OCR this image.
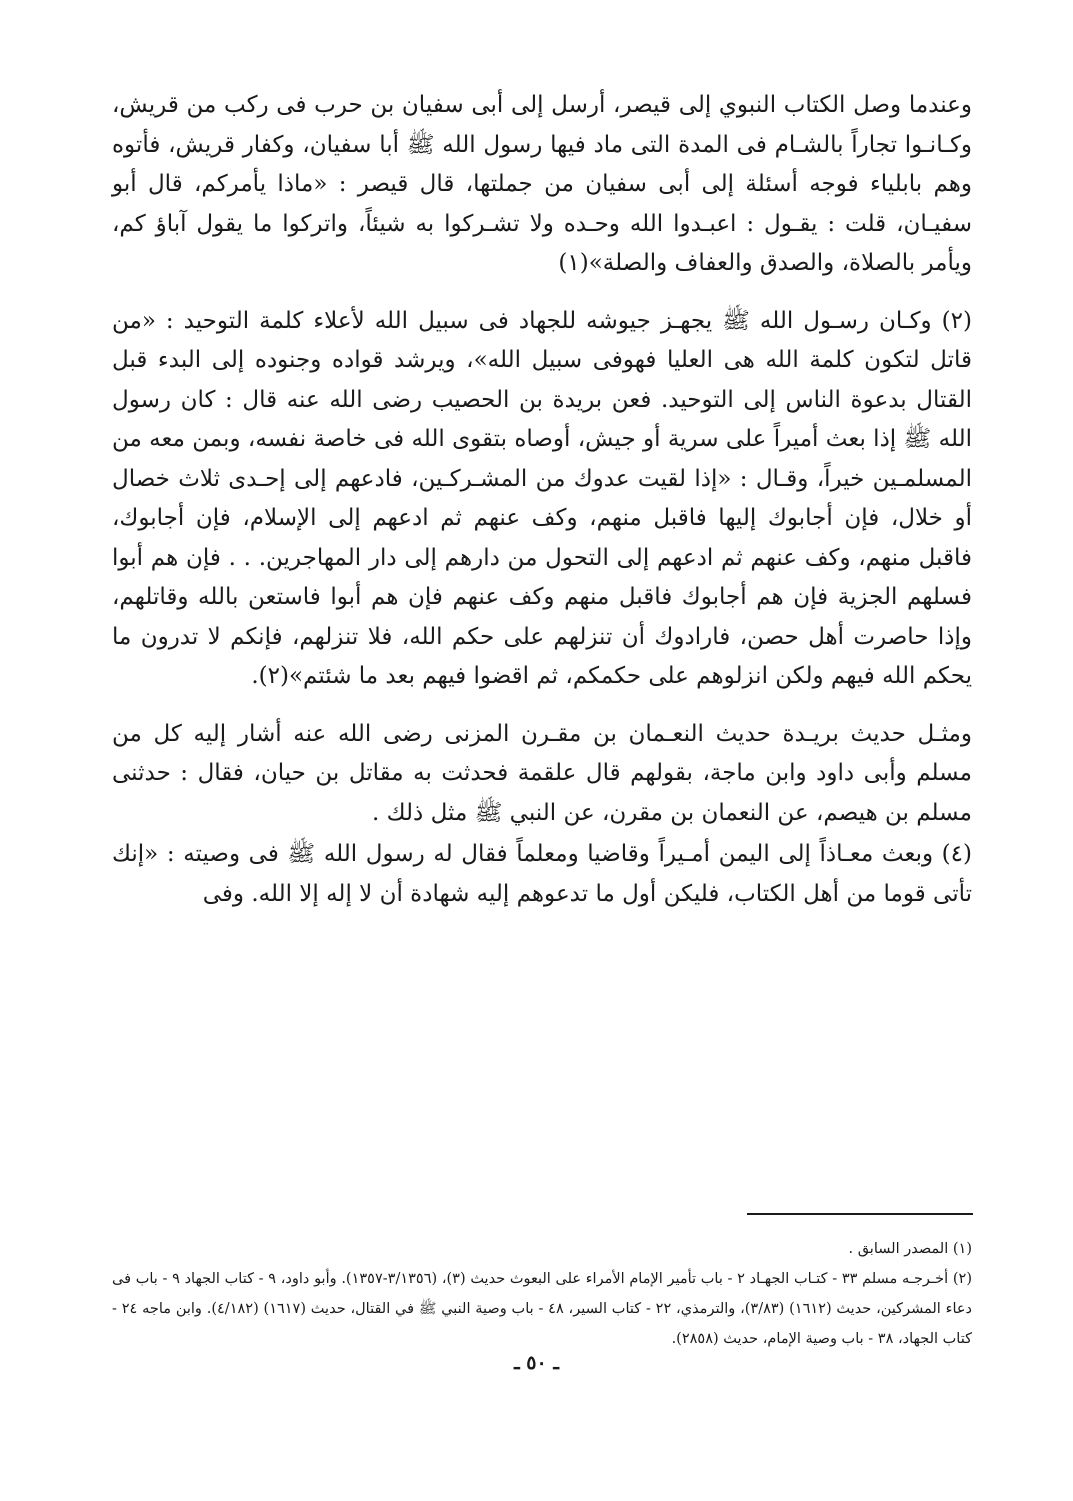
وعندما وصل الكتاب النبوي إلى قيصر، أرسل إلى أبى سفيان بن حرب فى ركب من قريش، وكـانـوا تجاراً بالشـام فى المدة التى ماد فيها رسول الله ﷺ أبا سفيان، وكفار قريش، فأتوه وهم بابلياء فوجه أسئلة إلى أبى سفيان من جملتها، قال قيصر : «ماذا يأمركم، قال أبو سفيـان، قلت : يقـول : اعبـدوا الله وحـده ولا تشـركوا به شيئاً، واتركوا ما يقول آباؤ كم، ويأمر بالصلاة، والصدق والعفاف والصلة»(١)

(٢) وكـان رسـول الله ﷺ يجهـز جيوشه للجهاد فى سبيل الله لأعلاء كلمة التوحيد : «من قاتل لتكون كلمة الله هى العليا فهوفى سبيل الله»، ويرشد قواده وجنوده إلى البدء قبل القتال بدعوة الناس إلى التوحيد. فعن بريدة بن الحصيب رضى الله عنه قال : كان رسول الله ﷺ إذا بعث أميراً على سرية أو جيش، أوصاه بتقوى الله فى خاصة نفسه، وبمن معه من المسلمـين خيراً، وقـال : «إذا لقيت عدوك من المشـركـين، فادعهم إلى إحـدى ثلاث خصال أو خلال، فإن أجابوك إليها فاقبل منهم، وكف عنهم ثم ادعهم إلى الإسلام، فإن أجابوك، فاقبل منهم، وكف عنهم ثم ادعهم إلى التحول من دارهم إلى دار المهاجرين. . . فإن هم أبوا فسلهم الجزية فإن هم أجابوك فاقبل منهم وكف عنهم فإن هم أبوا فاستعن بالله وقاتلهم، وإذا حاصرت أهل حصن، فارادوك أن تنزلهم على حكم الله، فلا تنزلهم، فإنكم لا تدرون ما يحكم الله فيهم ولكن انزلوهم على حكمكم، ثم اقضوا فيهم بعد ما شئتم»(٢).

ومثـل حديث بريـدة حديث النعـمان بن مقـرن المزنى رضى الله عنه أشار إليه كل من مسلم وأبى داود وابن ماجة، بقولهم قال علقمة فحدثت به مقاتل بن حيان، فقال : حدثنى مسلم بن هيصم، عن النعمان بن مقرن، عن النبي ﷺ مثل ذلك .

(٤) وبعث معـاذاً إلى اليمن أمـيراً وقاضيا ومعلماً فقال له رسول الله ﷺ فى وصيته : «إنك تأتى قوما من أهل الكتاب، فليكن أول ما تدعوهم إليه شهادة أن لا إله إلا الله. وفى

(١) المصدر السابق .

(٢) أخـرجـه مسلم ٣٣ - كتـاب الجهـاد ٢ - باب تأمير الإمام الأمراء على البعوث حديث (٣)، (٣/١٣٥٦-١٣٥٧). وأبو داود، ٩ - كتاب الجهاد ٩ - باب فى دعاء المشركين، حديث (١٦١٢) (٣/٨٣)، والترمذي، ٢٢ - كتاب السير، ٤٨ - باب وصية النبي ﷺ في القتال، حديث (١٦١٧) (٤/١٨٢). وابن ماجه ٢٤ - كتاب الجهاد، ٣٨ - باب وصية الإمام، حديث (٢٨٥٨).

ـ ٥٠ ـ
